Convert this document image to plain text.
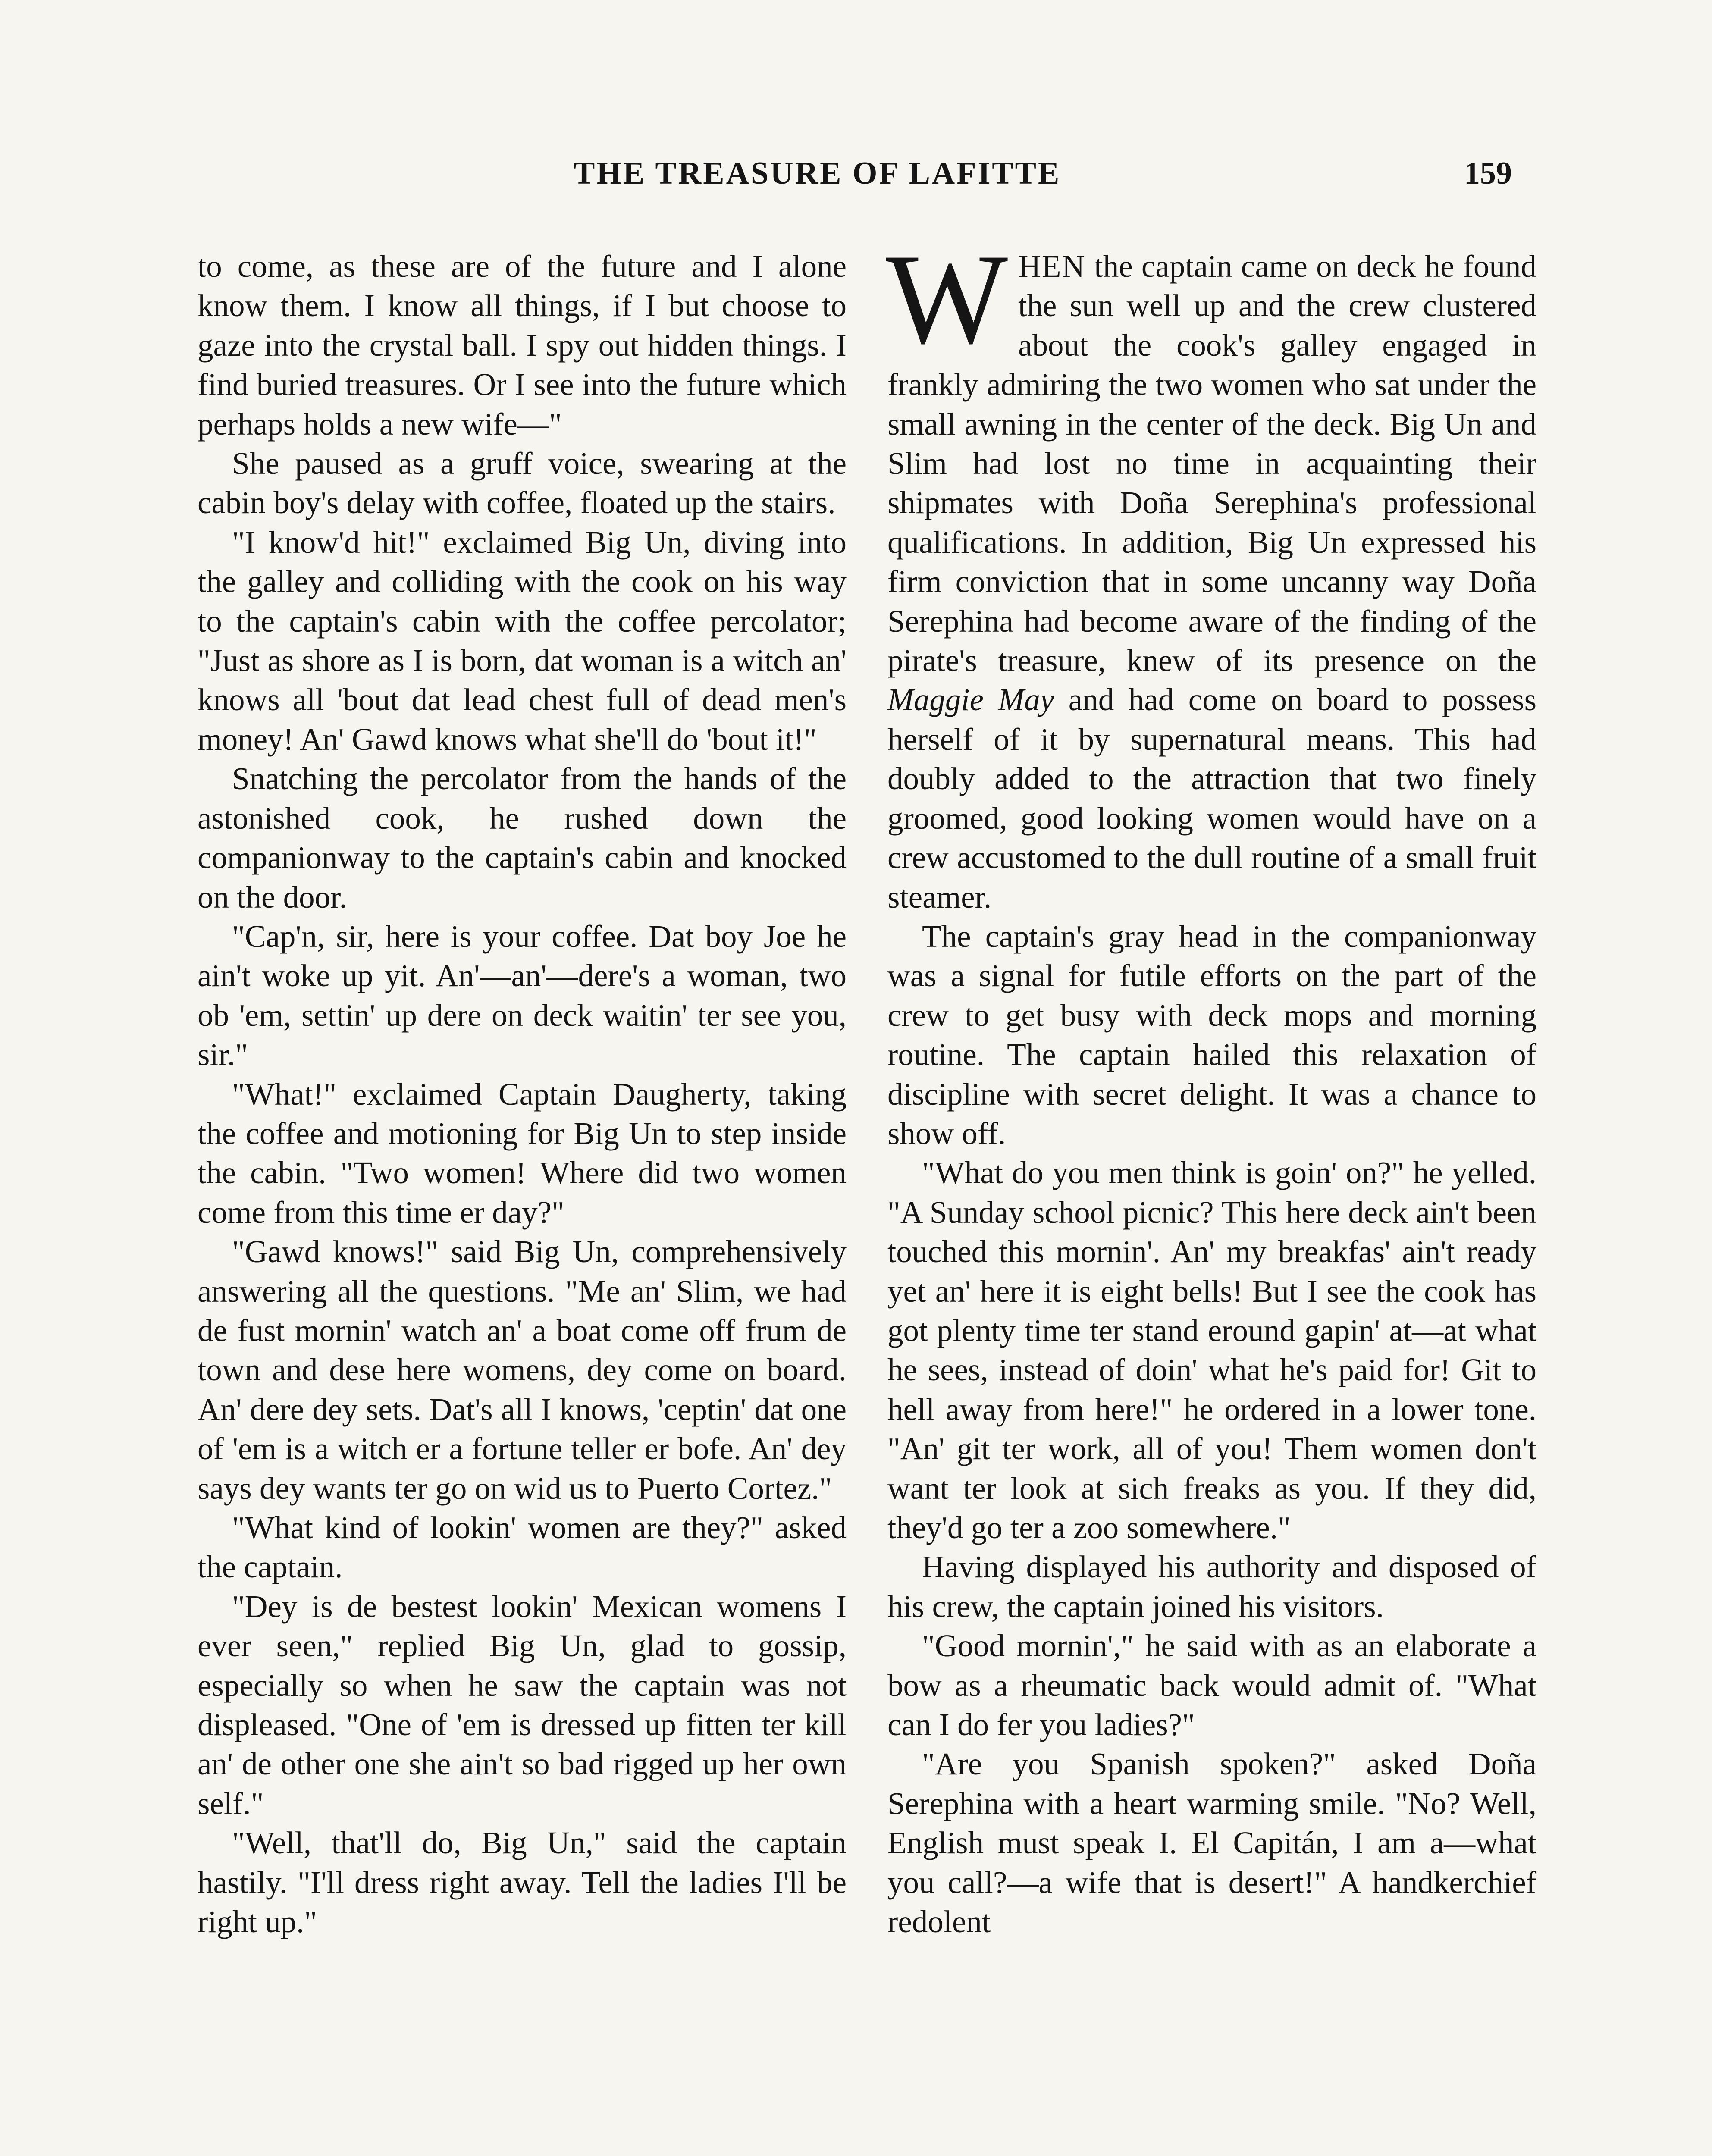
THE TREASURE OF LAFITTE	159

to come, as these are of the future and I alone know them. I know all things, if I but choose to gaze into the crystal ball. I spy out hidden things. I find buried treasures. Or I see into the future which perhaps holds a new wife—"

She paused as a gruff voice, swearing at the cabin boy's delay with coffee, floated up the stairs.

"I know'd hit!" exclaimed Big Un, diving into the galley and colliding with the cook on his way to the captain's cabin with the coffee percolator; "Just as shore as I is born, dat woman is a witch an' knows all 'bout dat lead chest full of dead men's money! An' Gawd knows what she'll do 'bout it!"

Snatching the percolator from the hands of the astonished cook, he rushed down the companionway to the captain's cabin and knocked on the door.

"Cap'n, sir, here is your coffee. Dat boy Joe he ain't woke up yit. An'—an'—dere's a woman, two ob 'em, settin' up dere on deck waitin' ter see you, sir."

"What!" exclaimed Captain Daugherty, taking the coffee and motioning for Big Un to step inside the cabin. "Two women! Where did two women come from this time er day?"

"Gawd knows!" said Big Un, comprehensively answering all the questions. "Me an' Slim, we had de fust mornin' watch an' a boat come off frum de town and dese here womens, dey come on board. An' dere dey sets. Dat's all I knows, 'ceptin' dat one of 'em is a witch er a fortune teller er bofe. An' dey says dey wants ter go on wid us to Puerto Cortez."

"What kind of lookin' women are they?" asked the captain.

"Dey is de bestest lookin' Mexican womens I ever seen," replied Big Un, glad to gossip, especially so when he saw the captain was not displeased. "One of 'em is dressed up fitten ter kill an' de other one she ain't so bad rigged up her own self."

"Well, that'll do, Big Un," said the captain hastily. "I'll dress right away. Tell the ladies I'll be right up."

WHEN the captain came on deck he found the sun well up and the crew clustered about the cook's galley engaged in frankly admiring the two women who sat under the small awning in the center of the deck. Big Un and Slim had lost no time in acquainting their shipmates with Doña Serephina's professional qualifications. In addition, Big Un expressed his firm conviction that in some uncanny way Doña Serephina had become aware of the finding of the pirate's treasure, knew of its presence on the Maggie May and had come on board to possess herself of it by supernatural means. This had doubly added to the attraction that two finely groomed, good looking women would have on a crew accustomed to the dull routine of a small fruit steamer.

The captain's gray head in the companionway was a signal for futile efforts on the part of the crew to get busy with deck mops and morning routine. The captain hailed this relaxation of discipline with secret delight. It was a chance to show off.

"What do you men think is goin' on?" he yelled. "A Sunday school picnic? This here deck ain't been touched this mornin'. An' my breakfas' ain't ready yet an' here it is eight bells! But I see the cook has got plenty time ter stand eround gapin' at—at what he sees, instead of doin' what he's paid for! Git to hell away from here!" he ordered in a lower tone. "An' git ter work, all of you! Them women don't want ter look at sich freaks as you. If they did, they'd go ter a zoo somewhere."

Having displayed his authority and disposed of his crew, the captain joined his visitors.

"Good mornin'," he said with as an elaborate a bow as a rheumatic back would admit of. "What can I do fer you ladies?"

"Are you Spanish spoken?" asked Doña Serephina with a heart warming smile. "No? Well, English must speak I. El Capitán, I am a—what you call?—a wife that is desert!" A handkerchief redolent
